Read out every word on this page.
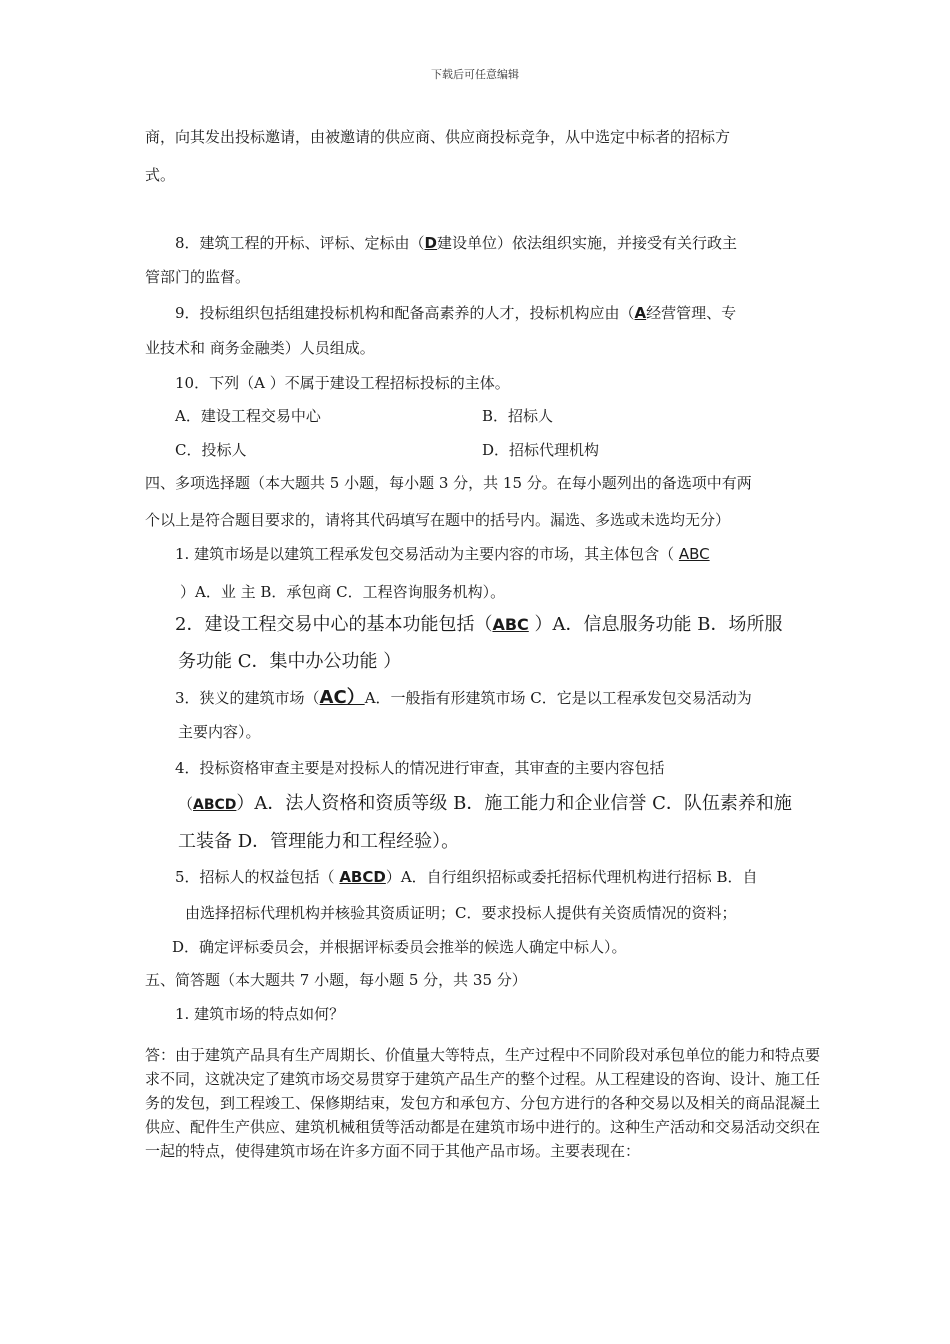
下载后可任意编辑
商，向其发出投标邀请，由被邀请的供应商、供应商投标竞争，从中选定中标者的招标方
式。
8．建筑工程的开标、评标、定标由（D建设单位）依法组织实施，并接受有关行政主
管部门的监督。
9．投标组织包括组建投标机构和配备高素养的人才，投标机构应由（A经营管理、专
业技术和 商务金融类）人员组成。
10．下列（A ）不属于建设工程招标投标的主体。
A．建设工程交易中心	B．招标人
C．投标人	D．招标代理机构
四、多项选择题（本大题共 5 小题，每小题 3 分，共 15 分。在每小题列出的备选项中有两
个以上是符合题目要求的，请将其代码填写在题中的括号内。漏选、多选或未选均无分）
1. 建筑市场是以建筑工程承发包交易活动为主要内容的市场，其主体包含（ ABC
）A．业 主 B．承包商 C．工程咨询服务机构）。
2．建设工程交易中心的基本功能包括（ABC ）A．信息服务功能 B．场所服
务功能 C．集中办公功能 ）
3．狭义的建筑市场（AC）A．一般指有形建筑市场 C．它是以工程承发包交易活动为
主要内容）。
4．投标资格审查主要是对投标人的情况进行审查，其审查的主要内容包括
（ABCD）A．法人资格和资质等级 B．施工能力和企业信誉 C．队伍素养和施
工装备 D．管理能力和工程经验）。
5．招标人的权益包括（ ABCD）A．自行组织招标或委托招标代理机构进行招标 B．自
由选择招标代理机构并核验其资质证明；C．要求投标人提供有关资质情况的资料；
D．确定评标委员会，并根据评标委员会推举的候选人确定中标人）。
五、简答题（本大题共 7 小题，每小题 5 分，共 35 分）
1. 建筑市场的特点如何？
答：由于建筑产品具有生产周期长、价值量大等特点，生产过程中不同阶段对承包单位的能力和特点要求不同，这就决定了建筑市场交易贯穿于建筑产品生产的整个过程。从工程建设的咨询、设计、施工任务的发包，到工程竣工、保修期结束，发包方和承包方、分包方进行的各种交易以及相关的商品混凝土供应、配件生产供应、建筑机械租赁等活动都是在建筑市场中进行的。这种生产活动和交易活动交织在一起的特点，使得建筑市场在许多方面不同于其他产品市场。主要表现在：
